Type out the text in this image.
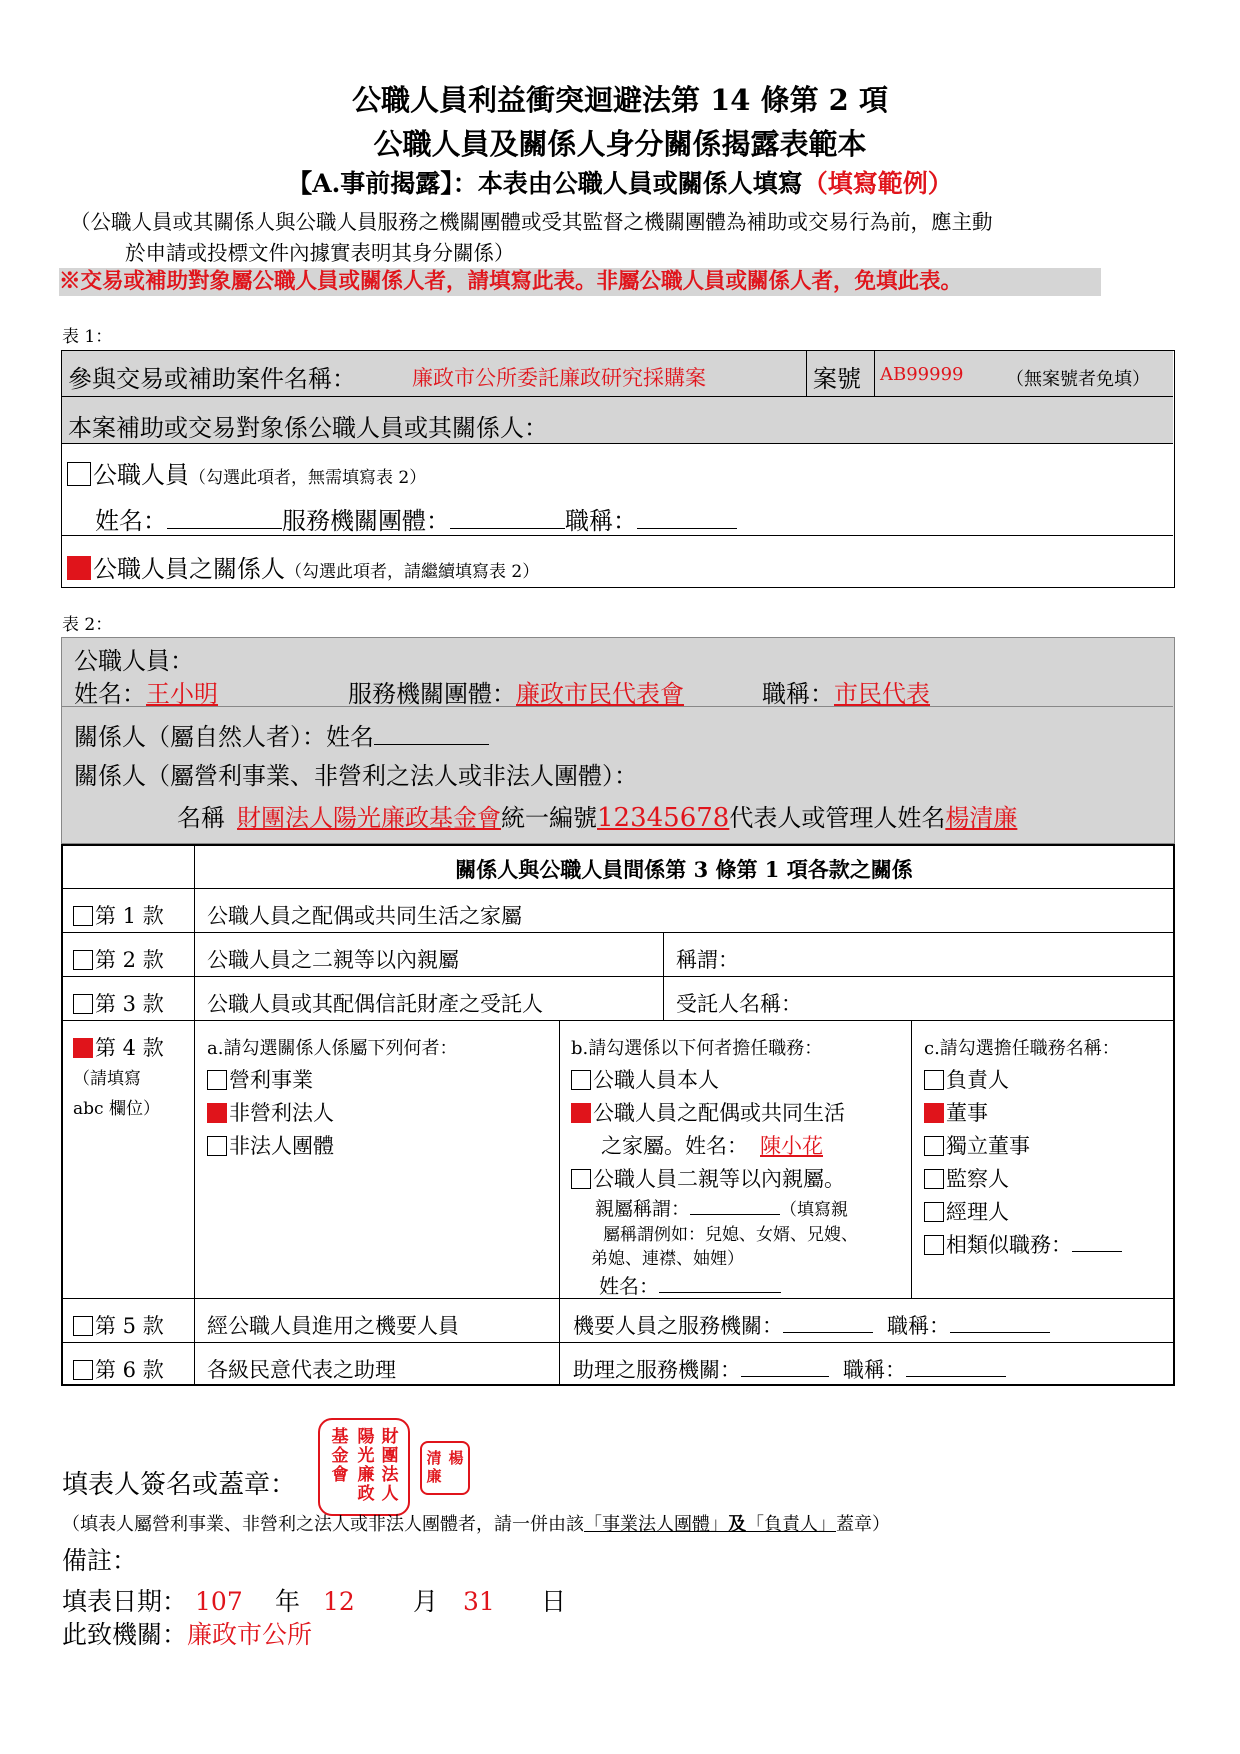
公職人員利益衝突迴避法第 14 條第 2 項
公職人員及關係人身分關係揭露表範本
【A.事前揭露】：本表由公職人員或關係人填寫（填寫範例）
（公職人員或其關係人與公職人員服務之機關團體或受其監督之機關團體為補助或交易行為前，應主動
於申請或投標文件內據實表明其身分關係）
※交易或補助對象屬公職人員或關係人者，請填寫此表。非屬公職人員或關係人者，免填此表。
表 1：
參與交易或補助案件名稱：	廉政市公所委託廉政研究採購案	案號 AB99999 （無案號者免填）
本案補助或交易對象係公職人員或其關係人：
公職人員（勾選此項者，無需填寫表 2）
姓名：	服務機關團體：	職稱：
公職人員之關係人（勾選此項者，請繼續填寫表 2）
表 2：
公職人員：
姓名：王小明	服務機關團體：廉政市民代表會	職稱：市民代表
關係人（屬自然人者）：姓名
關係人（屬營利事業、非營利之法人或非法人團體）：
名稱 財團法人陽光廉政基金會統一編號12345678代表人或管理人姓名楊清廉
關係人與公職人員間係第 3 條第 1 項各款之關係
第 1 款 公職人員之配偶或共同生活之家屬
第 2 款 公職人員之二親等以內親屬	稱謂：
第 3 款 公職人員或其配偶信託財產之受託人	受託人名稱：
第 4 款
（請填寫
abc 欄位）
a.請勾選關係人係屬下列何者：
營利事業
非營利法人
非法人團體
b.請勾選係以下何者擔任職務：
公職人員本人
公職人員之配偶或共同生活
之家屬。姓名： 陳小花
公職人員二親等以內親屬。
親屬稱謂：	（填寫親
屬稱謂例如：兒媳、女婿、兄嫂、
弟媳、連襟、妯娌）
姓名：
c.請勾選擔任職務名稱：
負責人
董事
獨立董事
監察人
經理人
相類似職務：
第 5 款 經公職人員進用之機要人員	機要人員之服務機關：	職稱：
第 6 款 各級民意代表之助理	助理之服務機關：	職稱：
填表人簽名或蓋章：
財
團
法
人
陽
光
廉
政
基
金
會
楊
清
廉
（填表人屬營利事業、非營利之法人或非法人團體者，請一併由該「事業法人團體」及「負責人」蓋章）
備註：
填表日期： 107 年 12 月 31 日
此致機關：廉政市公所
